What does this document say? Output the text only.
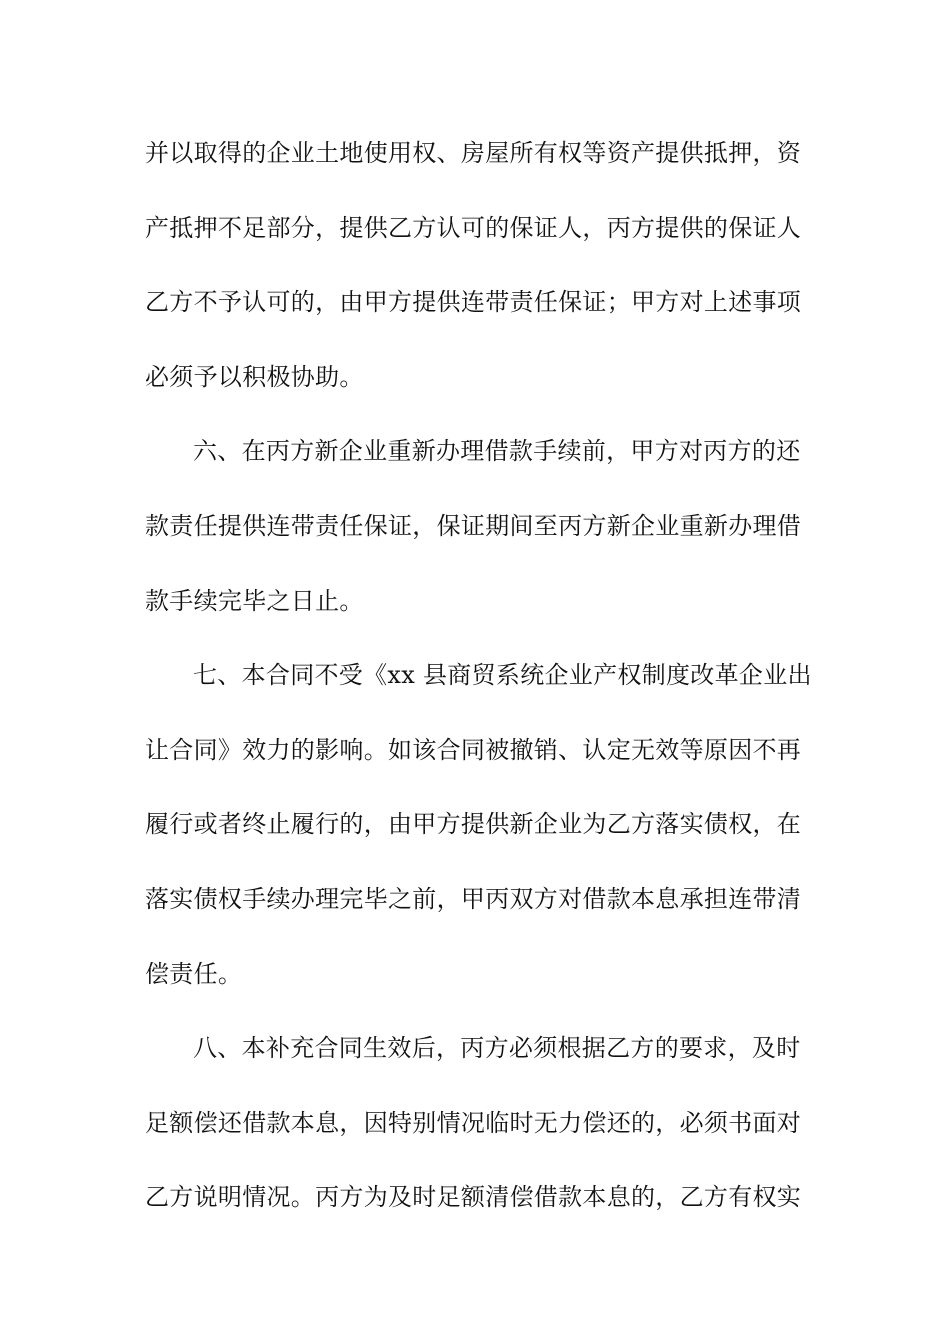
并以取得的企业土地使用权、房屋所有权等资产提供抵押，资
产抵押不足部分，提供乙方认可的保证人，丙方提供的保证人
乙方不予认可的，由甲方提供连带责任保证；甲方对上述事项
必须予以积极协助。
六、在丙方新企业重新办理借款手续前，甲方对丙方的还
款责任提供连带责任保证，保证期间至丙方新企业重新办理借
款手续完毕之日止。
七、本合同不受《xx 县商贸系统企业产权制度改革企业出
让合同》效力的影响。如该合同被撤销、认定无效等原因不再
履行或者终止履行的，由甲方提供新企业为乙方落实债权，在
落实债权手续办理完毕之前，甲丙双方对借款本息承担连带清
偿责任。
八、本补充合同生效后，丙方必须根据乙方的要求，及时
足额偿还借款本息，因特别情况临时无力偿还的，必须书面对
乙方说明情况。丙方为及时足额清偿借款本息的，乙方有权实
